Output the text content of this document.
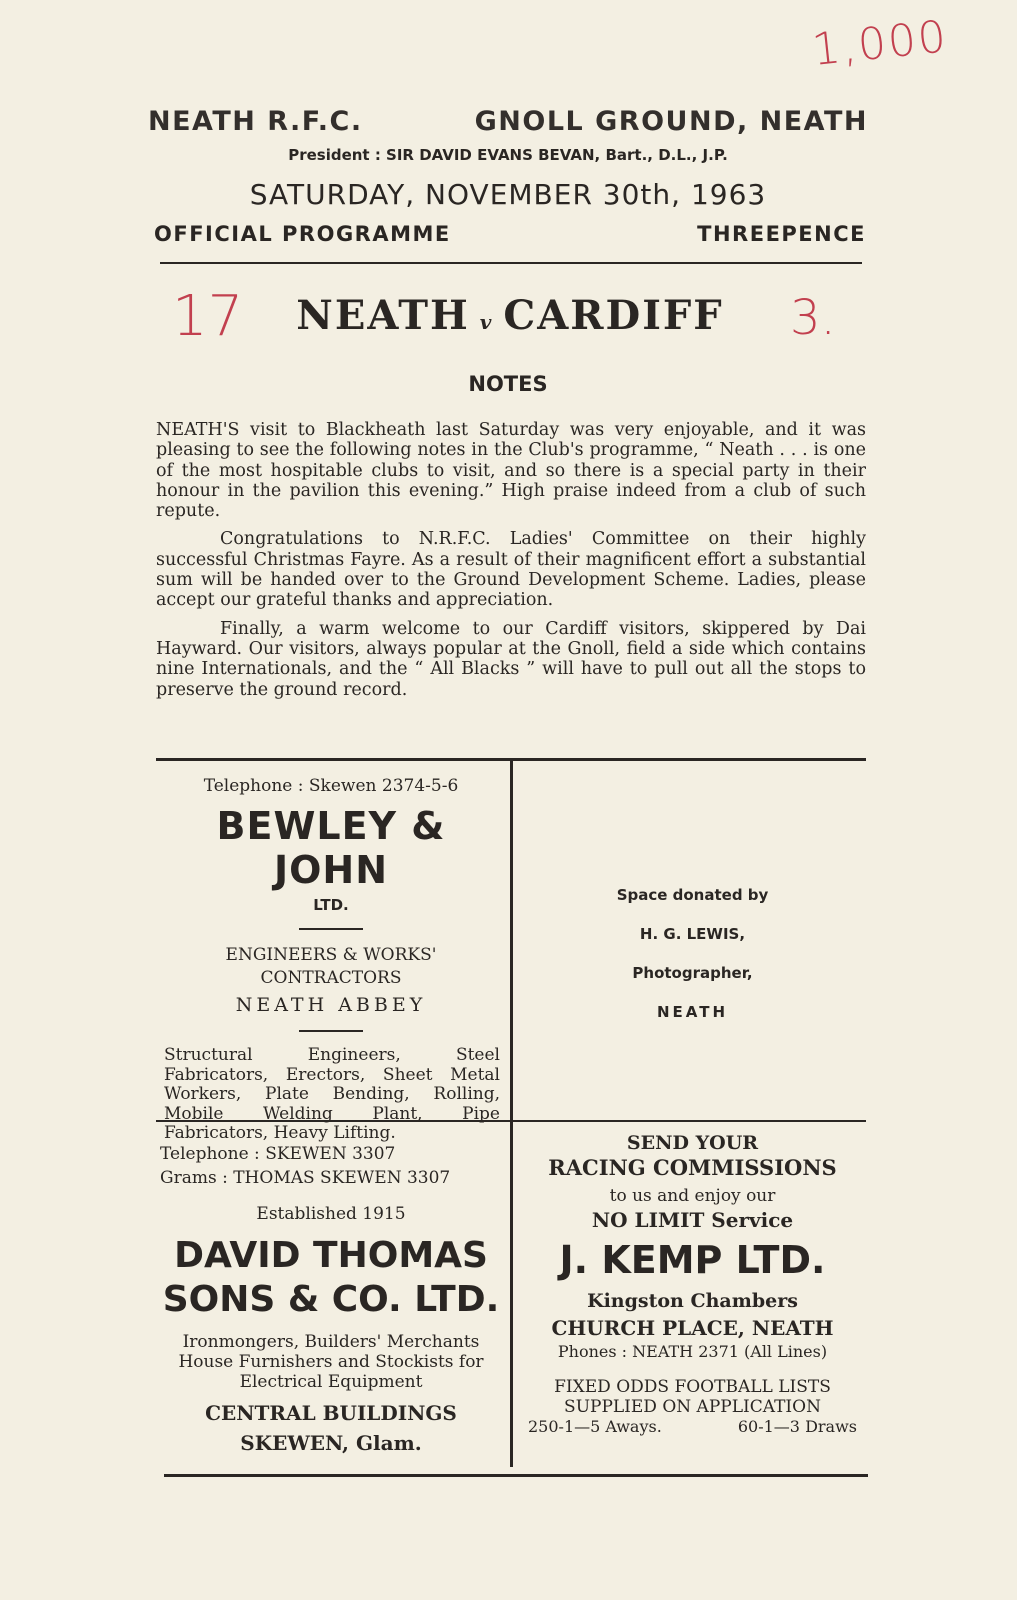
1,000
17	3.
NEATH R.F.C.	GNOLL GROUND, NEATH
President : SIR DAVID EVANS BEVAN, Bart., D.L., J.P.
SATURDAY, NOVEMBER 30th, 1963
OFFICIAL PROGRAMME	THREEPENCE
NEATH v CARDIFF
NOTES

NEATH'S visit to Blackheath last Saturday was very enjoyable, and it was pleasing to see the following notes in the Club's programme, “ Neath . . . is one of the most hospitable clubs to visit, and so there is a special party in their honour in the pavilion this evening.” High praise indeed from a club of such repute.

Congratulations to N.R.F.C. Ladies' Committee on their highly successful Christmas Fayre. As a result of their magnificent effort a substantial sum will be handed over to the Ground Development Scheme. Ladies, please accept our grateful thanks and appreciation.

Finally, a warm welcome to our Cardiff visitors, skippered by Dai Hayward. Our visitors, always popular at the Gnoll, field a side which contains nine Internationals, and the “ All Blacks ” will have to pull out all the stops to preserve the ground record.

Telephone : Skewen 2374-5-6
BEWLEY & JOHN
LTD.
ENGINEERS & WORKS'
CONTRACTORS
NEATH ABBEY
Structural Engineers, Steel Fabricators, Erectors, Sheet Metal Workers, Plate Bending, Rolling, Mobile Welding Plant, Pipe Fabricators, Heavy Lifting.
Space donated by
H. G. LEWIS,
Photographer,
NEATH
Telephone : SKEWEN 3307
Grams : THOMAS SKEWEN 3307
Established 1915
DAVID THOMAS
SONS & CO. LTD.
Ironmongers, Builders' Merchants
House Furnishers and Stockists for
Electrical Equipment
CENTRAL BUILDINGS
SKEWEN, Glam.
SEND YOUR
RACING COMMISSIONS
to us and enjoy our
NO LIMIT Service
J. KEMP LTD.
Kingston Chambers
CHURCH PLACE, NEATH
Phones : NEATH 2371 (All Lines)
FIXED ODDS FOOTBALL LISTS
SUPPLIED ON APPLICATION
250-1—5 Aways.	60-1—3 Draws
